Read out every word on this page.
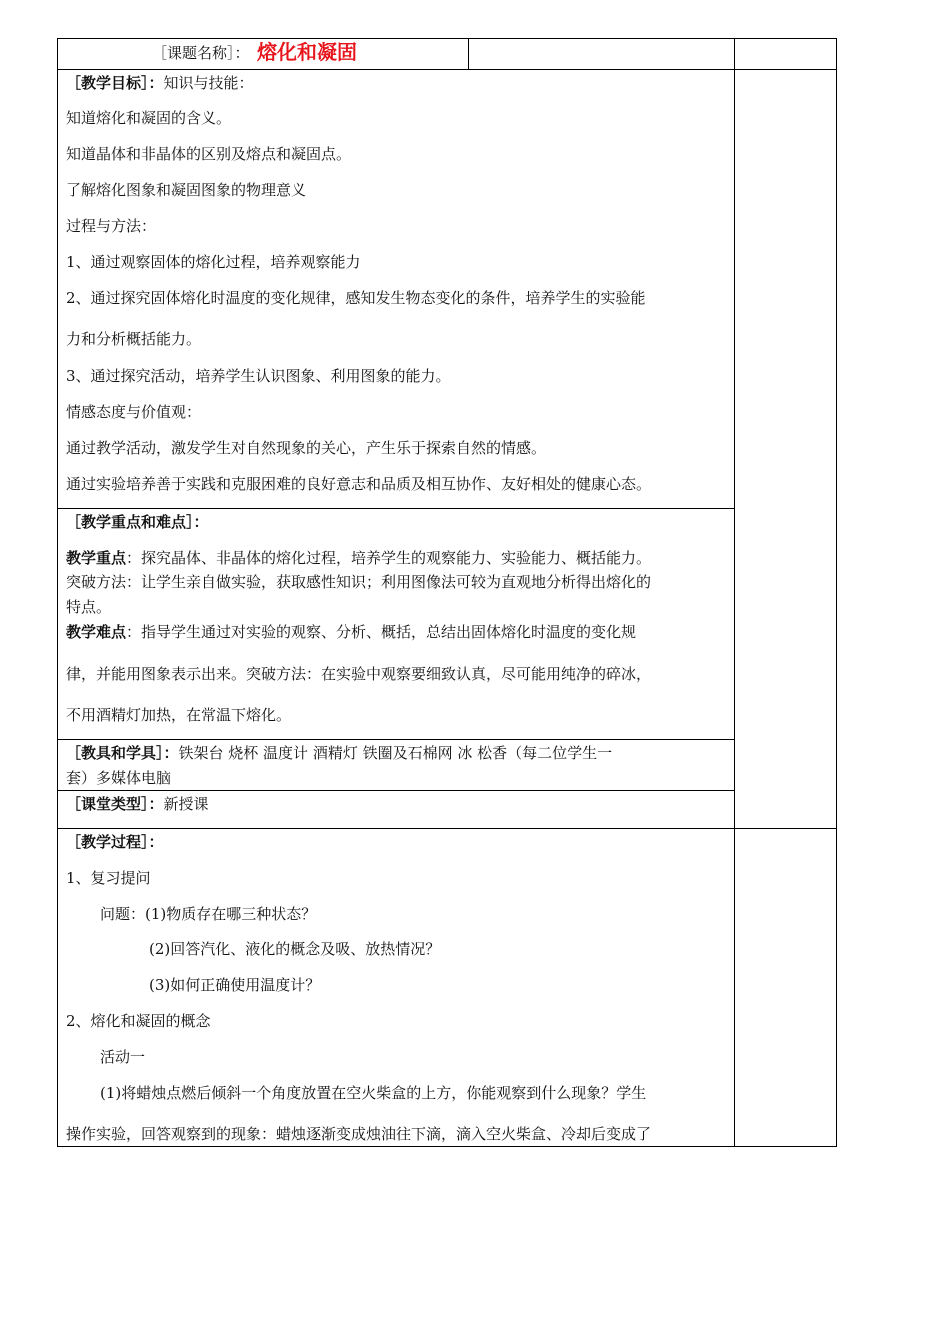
［课题名称］： 熔化和凝固
［教学目标］：知识与技能：
知道熔化和凝固的含义。
知道晶体和非晶体的区别及熔点和凝固点。
了解熔化图象和凝固图象的物理意义
过程与方法：
1、通过观察固体的熔化过程，培养观察能力
2、通过探究固体熔化时温度的变化规律，感知发生物态变化的条件，培养学生的实验能
力和分析概括能力。
3、通过探究活动，培养学生认识图象、利用图象的能力。
情感态度与价值观：
通过教学活动，激发学生对自然现象的关心，产生乐于探索自然的情感。
通过实验培养善于实践和克服困难的良好意志和品质及相互协作、友好相处的健康心态。
［教学重点和难点］：
教学重点：探究晶体、非晶体的熔化过程，培养学生的观察能力、实验能力、概括能力。
突破方法：让学生亲自做实验，获取感性知识；利用图像法可较为直观地分析得出熔化的
特点。
教学难点：指导学生通过对实验的观察、分析、概括，总结出固体熔化时温度的变化规
律，并能用图象表示出来。突破方法：在实验中观察要细致认真，尽可能用纯净的碎冰，
不用酒精灯加热，在常温下熔化。
［教具和学具］：铁架台 烧杯 温度计 酒精灯 铁圈及石棉网 冰 松香（每二位学生一
套）多媒体电脑
［课堂类型］：新授课
［教学过程］：
1、复习提问
问题：(1)物质存在哪三种状态？
(2)回答汽化、液化的概念及吸、放热情况？
(3)如何正确使用温度计？
2、熔化和凝固的概念
活动一
(1)将蜡烛点燃后倾斜一个角度放置在空火柴盒的上方，你能观察到什么现象？学生
操作实验，回答观察到的现象：蜡烛逐渐变成烛油往下滴，滴入空火柴盒、冷却后变成了
